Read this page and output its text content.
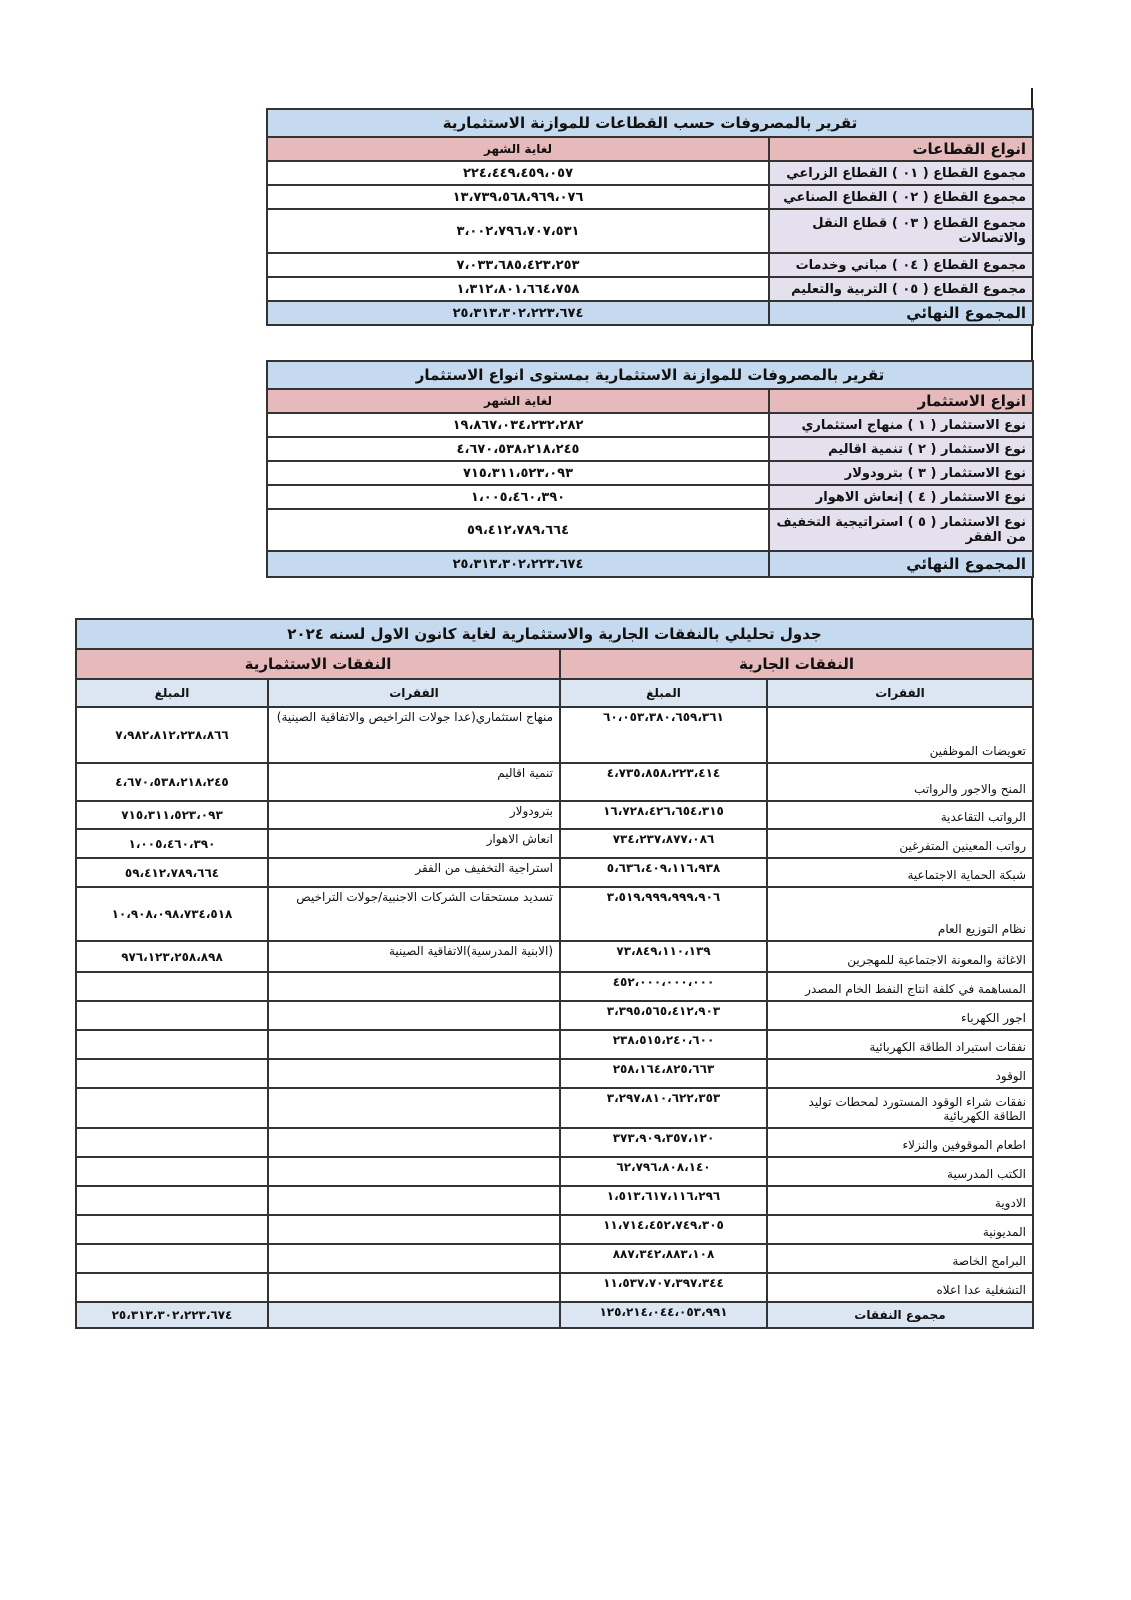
تقرير بالمصروفات حسب القطاعات للموازنة الاستثمارية	
انواع القطاعات	لغاية الشهر
مجموع القطاع ( ٠١ ) القطاع الزراعي	٢٢٤،٤٤٩،٤٥٩،٠٥٧
مجموع القطاع ( ٠٢ ) القطاع الصناعي	١٣،٧٣٩،٥٦٨،٩٦٩،٠٧٦
مجموع القطاع ( ٠٣ ) قطاع النقل والاتصالات	٣،٠٠٢،٧٩٦،٧٠٧،٥٣١
مجموع القطاع ( ٠٤ ) مباني وخدمات	٧،٠٣٣،٦٨٥،٤٢٣،٢٥٣
مجموع القطاع ( ٠٥ ) التربية والتعليم	١،٣١٢،٨٠١،٦٦٤،٧٥٨
المجموع النهائي	٢٥،٣١٣،٣٠٢،٢٢٣،٦٧٤
تقرير بالمصروفات للموازنة الاستثمارية بمستوى انواع الاستثمار	
انواع الاستثمار	لغاية الشهر
نوع الاستثمار ( ١ ) منهاج استثماري	١٩،٨٦٧،٠٣٤،٢٣٢،٢٨٢
نوع الاستثمار ( ٢ ) تنمية اقاليم	٤،٦٧٠،٥٣٨،٢١٨،٢٤٥
نوع الاستثمار ( ٣ ) بترودولار	٧١٥،٣١١،٥٢٣،٠٩٣
نوع الاستثمار ( ٤ ) إنعاش الاهوار	١،٠٠٥،٤٦٠،٣٩٠
نوع الاستثمار ( ٥ ) استراتيجية التخفيف من الفقر	٥٩،٤١٢،٧٨٩،٦٦٤
المجموع النهائي	٢٥،٣١٣،٣٠٢،٢٢٣،٦٧٤
جدول تحليلي بالنفقات الجارية والاستثمارية لغاية كانون الاول لسنه ٢٠٢٤			
النفقات الجارية		النفقات الاستثمارية	
الفقرات	المبلغ	الفقرات	المبلغ
تعويضات الموظفين	٦٠،٠٥٣،٣٨٠،٦٥٩،٣٦١	منهاج استثماري(عدا جولات التراخيص والاتفاقية الصينية)	٧،٩٨٢،٨١٢،٢٣٨،٨٦٦
المنح والاجور والرواتب	٤،٧٣٥،٨٥٨،٢٢٣،٤١٤	تنمية اقاليم	٤،٦٧٠،٥٣٨،٢١٨،٢٤٥
الرواتب التقاعدية	١٦،٧٢٨،٤٢٦،٦٥٤،٣١٥	بترودولار	٧١٥،٣١١،٥٢٣،٠٩٣
رواتب المعينين المتفرغين	٧٣٤،٢٣٧،٨٧٧،٠٨٦	انعاش الاهوار	١،٠٠٥،٤٦٠،٣٩٠
شبكة الحماية الاجتماعية	٥،٦٣٦،٤٠٩،١١٦،٩٣٨	استراجية التخفيف من الفقر	٥٩،٤١٢،٧٨٩،٦٦٤
نظام التوزيع العام	٣،٥١٩،٩٩٩،٩٩٩،٩٠٦	تسديد مستحقات الشركات الاجنبية/جولات التراخيص	١٠،٩٠٨،٠٩٨،٧٣٤،٥١٨
الاغاثة والمعونة الاجتماعية للمهجرين	٧٣،٨٤٩،١١٠،١٣٩	(الابنية المدرسية)الاتفاقية الصينية	٩٧٦،١٢٣،٢٥٨،٨٩٨
المساهمة في كلفة انتاج النفط الخام المصدر	٤٥٢،٠٠٠،٠٠٠،٠٠٠		
اجور الكهرباء	٣،٣٩٥،٥٦٥،٤١٢،٩٠٣		
نفقات استيراد الطاقة الكهربائية	٢٣٨،٥١٥،٢٤٠،٦٠٠		
الوقود	٢٥٨،١٦٤،٨٢٥،٦٦٣		
نفقات شراء الوقود المستورد لمحطات توليد الطاقة الكهربائية	٣،٢٩٧،٨١٠،٦٢٢،٣٥٣		
اطعام الموقوفين والنزلاء	٣٧٣،٩٠٩،٣٥٧،١٢٠		
الكتب المدرسية	٦٢،٧٩٦،٨٠٨،١٤٠		
الادوية	١،٥١٣،٦١٧،١١٦،٢٩٦		
المديونية	١١،٧١٤،٤٥٢،٧٤٩،٣٠٥		
البرامج الخاصة	٨٨٧،٣٤٢،٨٨٣،١٠٨		
التشغلية عدا اعلاه	١١،٥٣٧،٧٠٧،٣٩٧،٣٤٤		
مجموع النفقات	١٢٥،٢١٤،٠٤٤،٠٥٣،٩٩١		٢٥،٣١٣،٣٠٢،٢٢٣،٦٧٤
